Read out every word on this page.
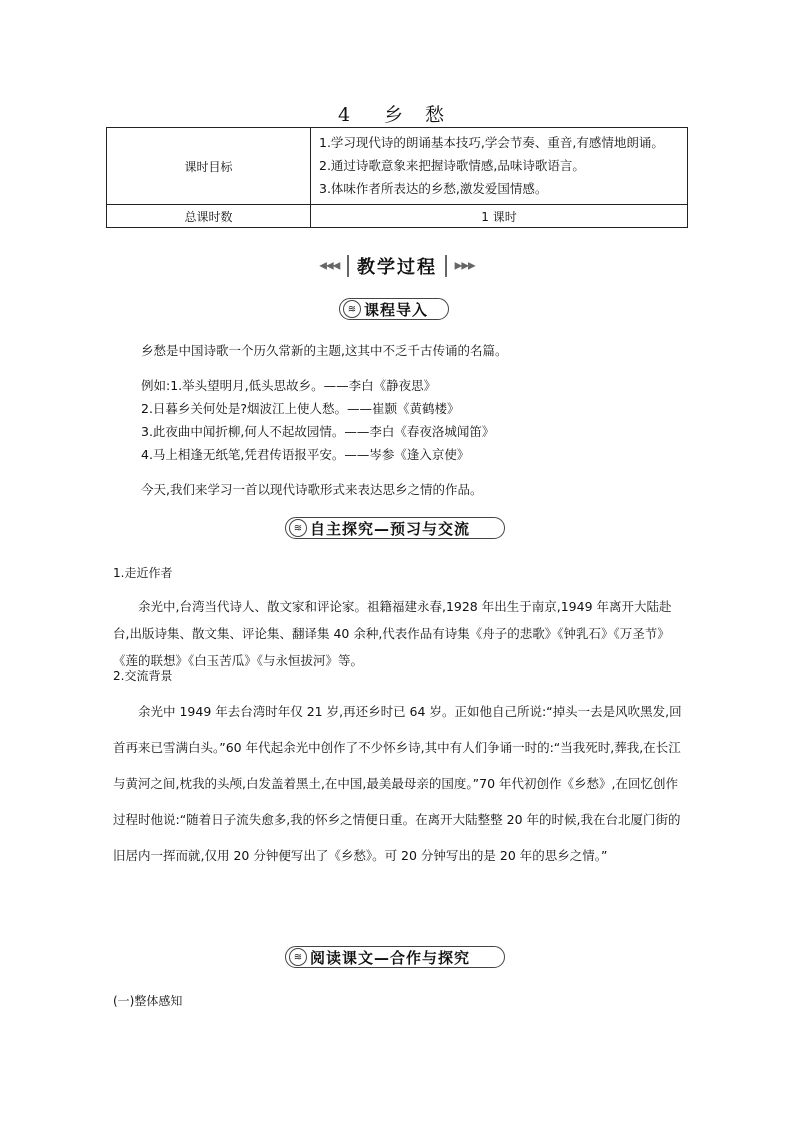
4 乡 愁
课时目标	1.学习现代诗的朗诵基本技巧,学会节奏、重音,有感情地朗诵。
2.通过诗歌意象来把握诗歌情感,品味诗歌语言。
3.体味作者所表达的乡愁,激发爱国情感。

总课时数	1 课时
◀◀◀ 教学过程 ▶▶▶
≋ 课程导入
乡愁是中国诗歌一个历久常新的主题,这其中不乏千古传诵的名篇。
例如:1.举头望明月,低头思故乡。——李白《静夜思》
2.日暮乡关何处是?烟波江上使人愁。——崔颢《黄鹤楼》
3.此夜曲中闻折柳,何人不起故园情。——李白《春夜洛城闻笛》
4.马上相逢无纸笔,凭君传语报平安。——岑参《逢入京使》
今天,我们来学习一首以现代诗歌形式来表达思乡之情的作品。
≋ 自主探究—预习与交流
1.走近作者
余光中,台湾当代诗人、散文家和评论家。祖籍福建永春,1928 年出生于南京,1949 年离开大陆赴台,出版诗集、散文集、评论集、翻译集 40 余种,代表作品有诗集《舟子的悲歌》《钟乳石》《万圣节》《莲的联想》《白玉苦瓜》《与永恒拔河》等。
2.交流背景
余光中 1949 年去台湾时年仅 21 岁,再还乡时已 64 岁。正如他自己所说:“掉头一去是风吹黑发,回首再来已雪满白头。”60 年代起余光中创作了不少怀乡诗,其中有人们争诵一时的:“当我死时,葬我,在长江与黄河之间,枕我的头颅,白发盖着黑土,在中国,最美最母亲的国度。”70 年代初创作《乡愁》,在回忆创作过程时他说:“随着日子流失愈多,我的怀乡之情便日重。在离开大陆整整 20 年的时候,我在台北厦门街的旧居内一挥而就,仅用 20 分钟便写出了《乡愁》。可 20 分钟写出的是 20 年的思乡之情。”
≋ 阅读课文—合作与探究
(一)整体感知
